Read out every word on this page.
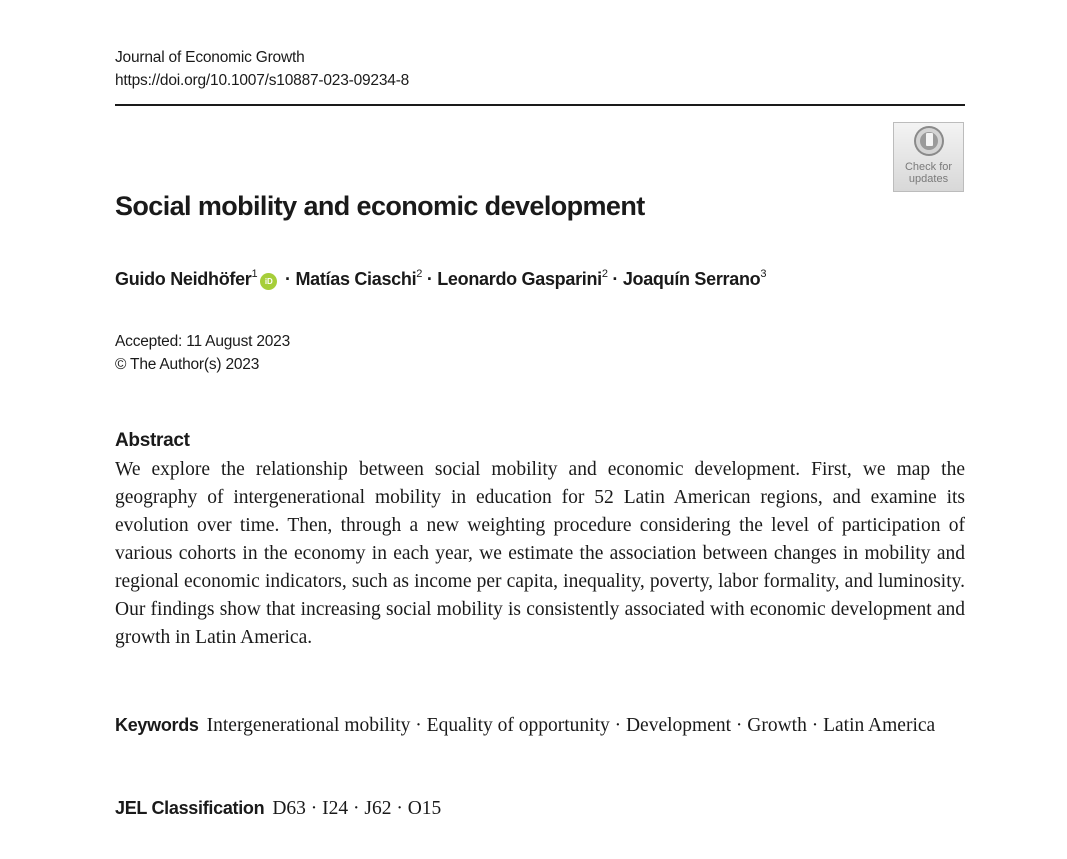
Journal of Economic Growth
https://doi.org/10.1007/s10887-023-09234-8
Check for
updates
Social mobility and economic development
Guido Neidhöfer$^1$iD · Matías Ciaschi$^2$ · Leonardo Gasparini$^2$ · Joaquín Serrano$^3$
Accepted: 11 August 2023
© The Author(s) 2023
Abstract

We explore the relationship between social mobility and economic development. First, we map the geography of intergenerational mobility in education for 52 Latin American regions, and examine its evolution over time. Then, through a new weighting procedure considering the level of participation of various cohorts in the economy in each year, we estimate the association between changes in mobility and regional economic indicators, such as income per capita, inequality, poverty, labor formality, and luminosity. Our findings show that increasing social mobility is consistently associated with economic development and growth in Latin America.

Keywords Intergenerational mobility · Equality of opportunity · Development · Growth · Latin America
JEL Classification D63 · I24 · J62 · O15
